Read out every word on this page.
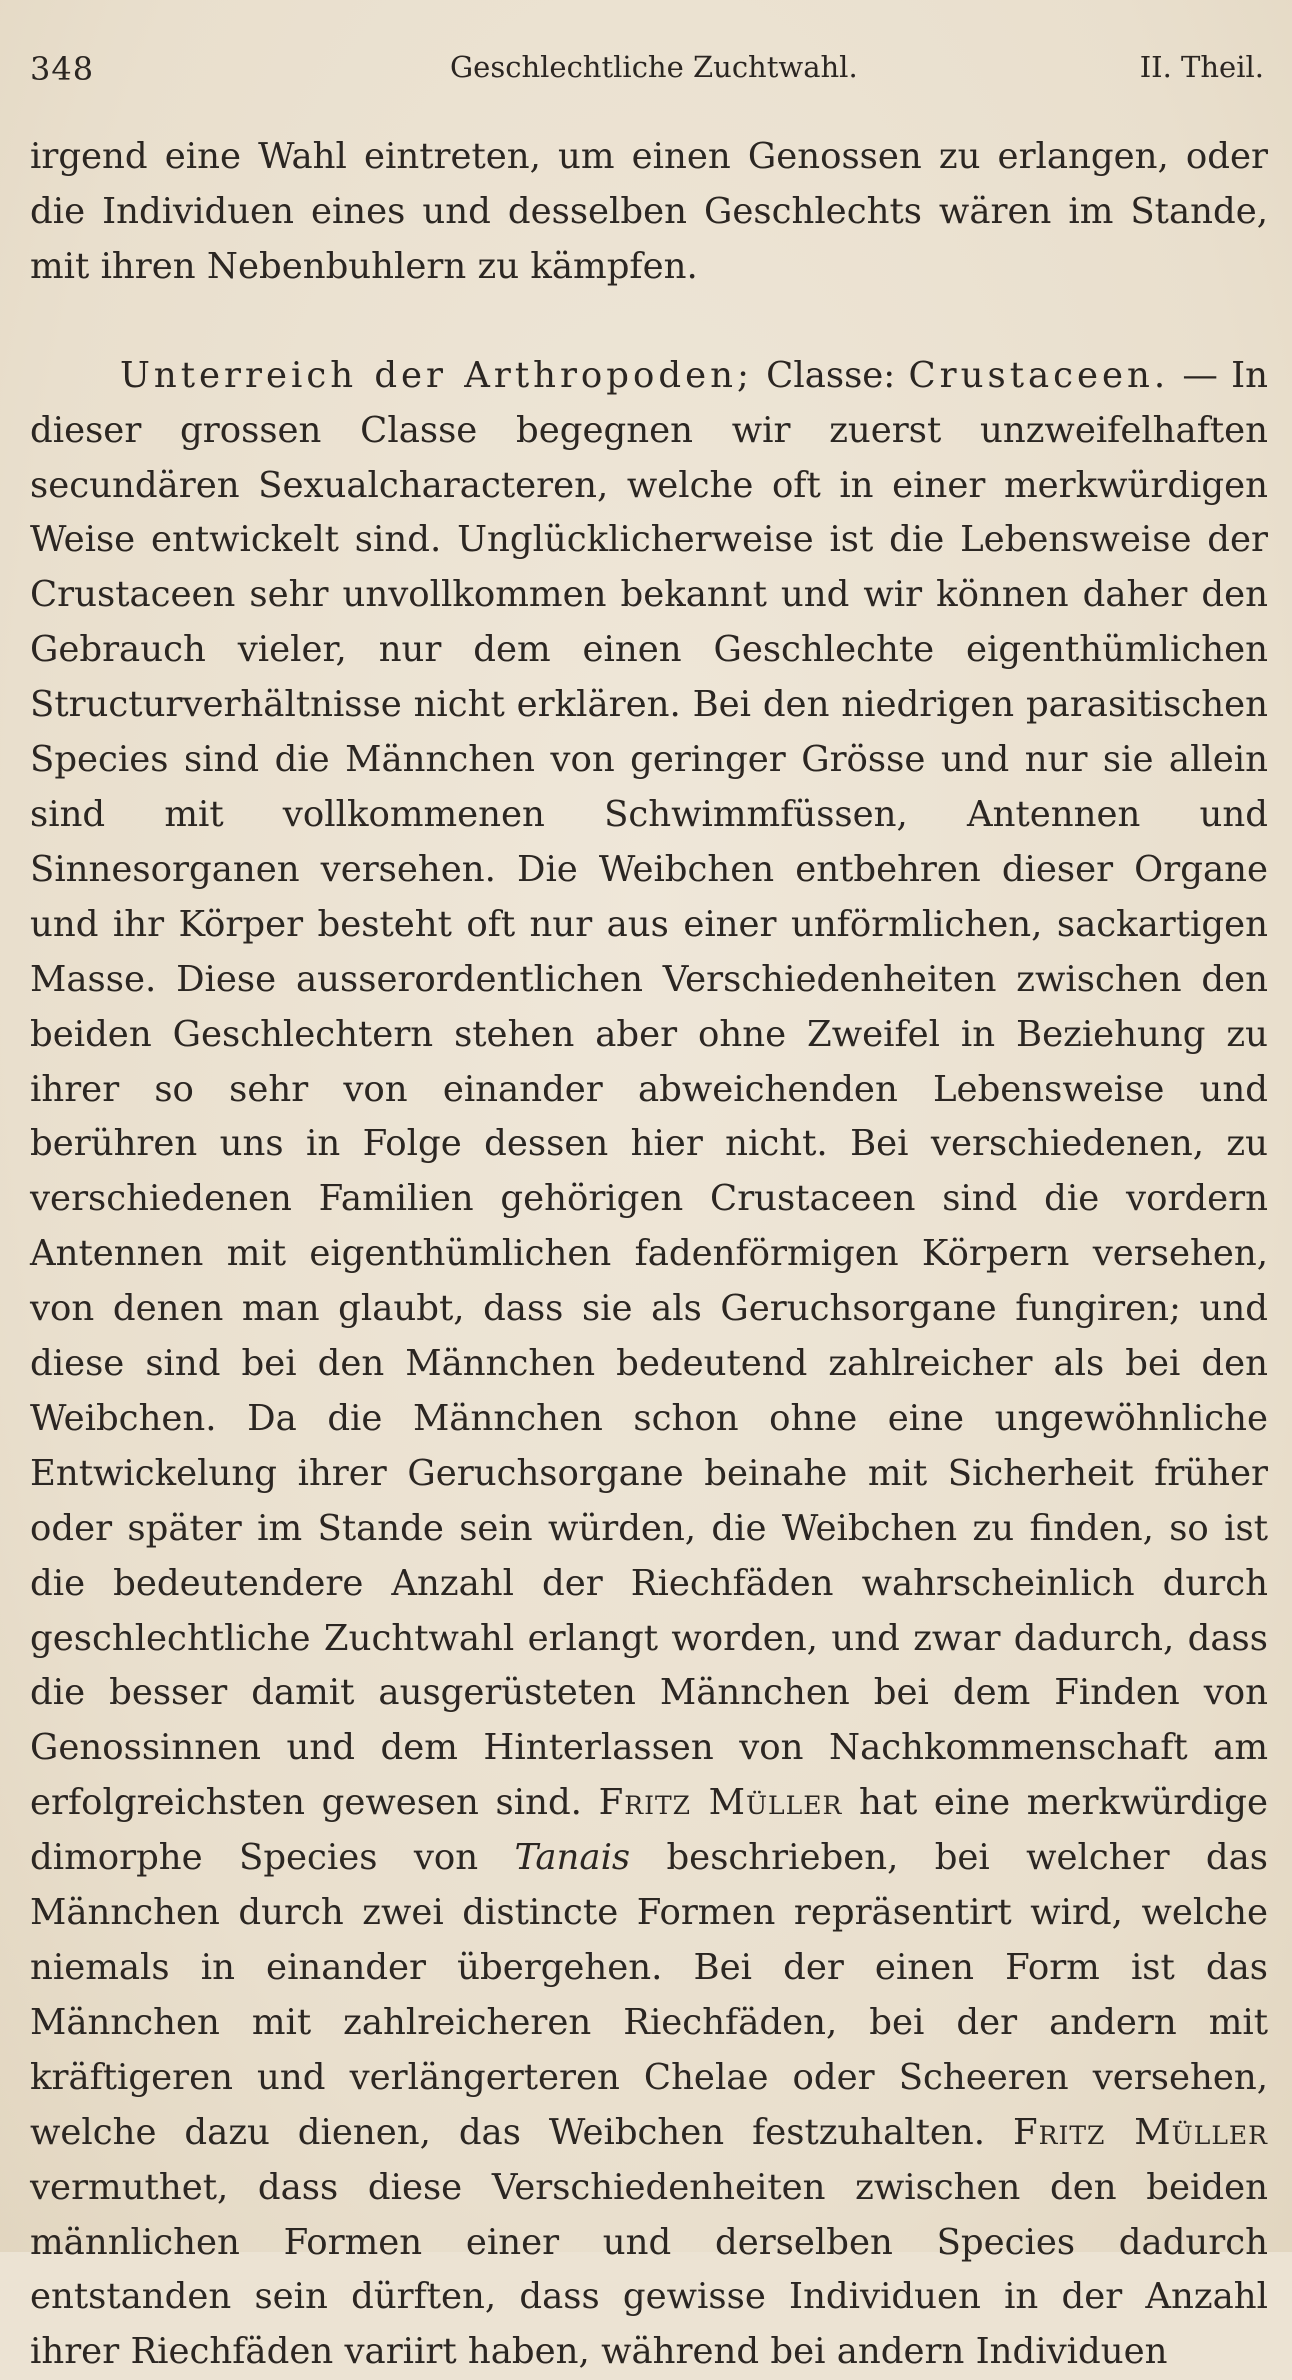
348	Geschlechtliche Zuchtwahl.	II. Theil.

irgend eine Wahl eintreten, um einen Genossen zu erlangen, oder die Individuen eines und desselben Geschlechts wären im Stande, mit ihren Nebenbuhlern zu kämpfen.

Unterreich der Arthropoden; Classe: Crustaceen. — In dieser grossen Classe begegnen wir zuerst unzweifelhaften secundären Sexualcharacteren, welche oft in einer merkwürdigen Weise entwickelt sind. Unglücklicherweise ist die Lebensweise der Crustaceen sehr unvollkommen bekannt und wir können daher den Gebrauch vieler, nur dem einen Geschlechte eigenthümlichen Structurverhältnisse nicht erklären. Bei den niedrigen parasitischen Species sind die Männchen von geringer Grösse und nur sie allein sind mit vollkommenen Schwimmfüssen, Antennen und Sinnesorganen versehen. Die Weibchen entbehren dieser Organe und ihr Körper besteht oft nur aus einer unförmlichen, sackartigen Masse. Diese ausserordentlichen Verschiedenheiten zwischen den beiden Geschlechtern stehen aber ohne Zweifel in Beziehung zu ihrer so sehr von einander abweichenden Lebensweise und berühren uns in Folge dessen hier nicht. Bei verschiedenen, zu verschiedenen Familien gehörigen Crustaceen sind die vordern Antennen mit eigenthümlichen fadenförmigen Körpern versehen, von denen man glaubt, dass sie als Geruchsorgane fungiren; und diese sind bei den Männchen bedeutend zahlreicher als bei den Weibchen. Da die Männchen schon ohne eine ungewöhnliche Entwickelung ihrer Geruchsorgane beinahe mit Sicherheit früher oder später im Stande sein würden, die Weibchen zu finden, so ist die bedeutendere Anzahl der Riechfäden wahrscheinlich durch geschlechtliche Zuchtwahl erlangt worden, und zwar dadurch, dass die besser damit ausgerüsteten Männchen bei dem Finden von Genossinnen und dem Hinterlassen von Nachkommenschaft am erfolgreichsten gewesen sind. Fritz Müller hat eine merkwürdige dimorphe Species von Tanais beschrieben, bei welcher das Männchen durch zwei distincte Formen repräsentirt wird, welche niemals in einander übergehen. Bei der einen Form ist das Männchen mit zahlreicheren Riechfäden, bei der andern mit kräftigeren und verlängerteren Chelae oder Scheeren versehen, welche dazu dienen, das Weibchen festzuhalten. Fritz Müller vermuthet, dass diese Verschiedenheiten zwischen den beiden männlichen Formen einer und derselben Species dadurch entstanden sein dürften, dass gewisse Individuen in der Anzahl ihrer Riechfäden variirt haben, während bei andern Individuen
